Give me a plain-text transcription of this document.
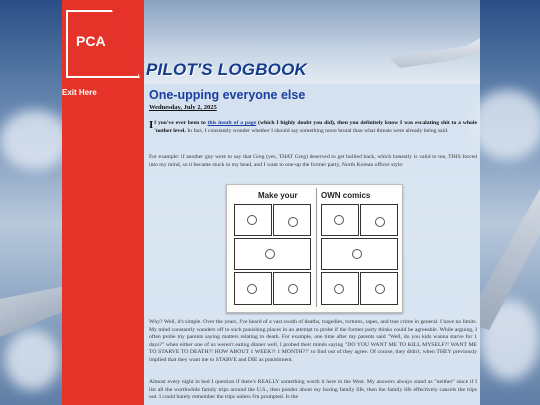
PCA
Exit Here
PILOT'S LOGBOOK
One-upping everyone else

Wednesday, July 2, 2025

If you've ever been to this insult of a page (which I highly doubt you did), then you definitely know I was escalating shit to a whole 'nother level. In fact, I constantly wonder whether I should say something more brutal than what threats were already being said.

For example: if another guy were to say that Greg (yes, THAT Greg) deserved to get bullied back, which honestly is valid to me, THIS forced into my mind, so it became stuck in my head, and I want to one-up the former party, North Korean officer style:

Make your	OWN comics

Why? Well, it's simple. Over the years, I've heard of a vast swath of deaths, tragedies, tortures, rapes, and true crime in general. I have no limits. My mind constantly wanders off to such punishing places in an attempt to probe if the former party thinks could be agreeable. While arguing, I often probe my parents saying matters relating to death. For example, one time after my parents said "Well, do you kids wanna starve for 1 days?" when either one of us weren't eating dinner well, I probed their minds saying "DO YOU WANT ME TO KILL MYSELF?! WANT ME TO STARVE TO DEATH?! HOW ABOUT 1 WEEK?! 1 MONTH?!" to find out of they agree. Of course, they didn't, when THEY previously implied that they want me to STARVE and DIE as punishment.

Almost every night in bed I question if there's REALLY something worth it here in the West. My answers always stand as "neither" since if I list all the worthwhile family trips around the U.S., then ponder about my boring family life, then the family life effectively cancels the trips out. I could barely remember the trips unless I'm prompted. Is the
